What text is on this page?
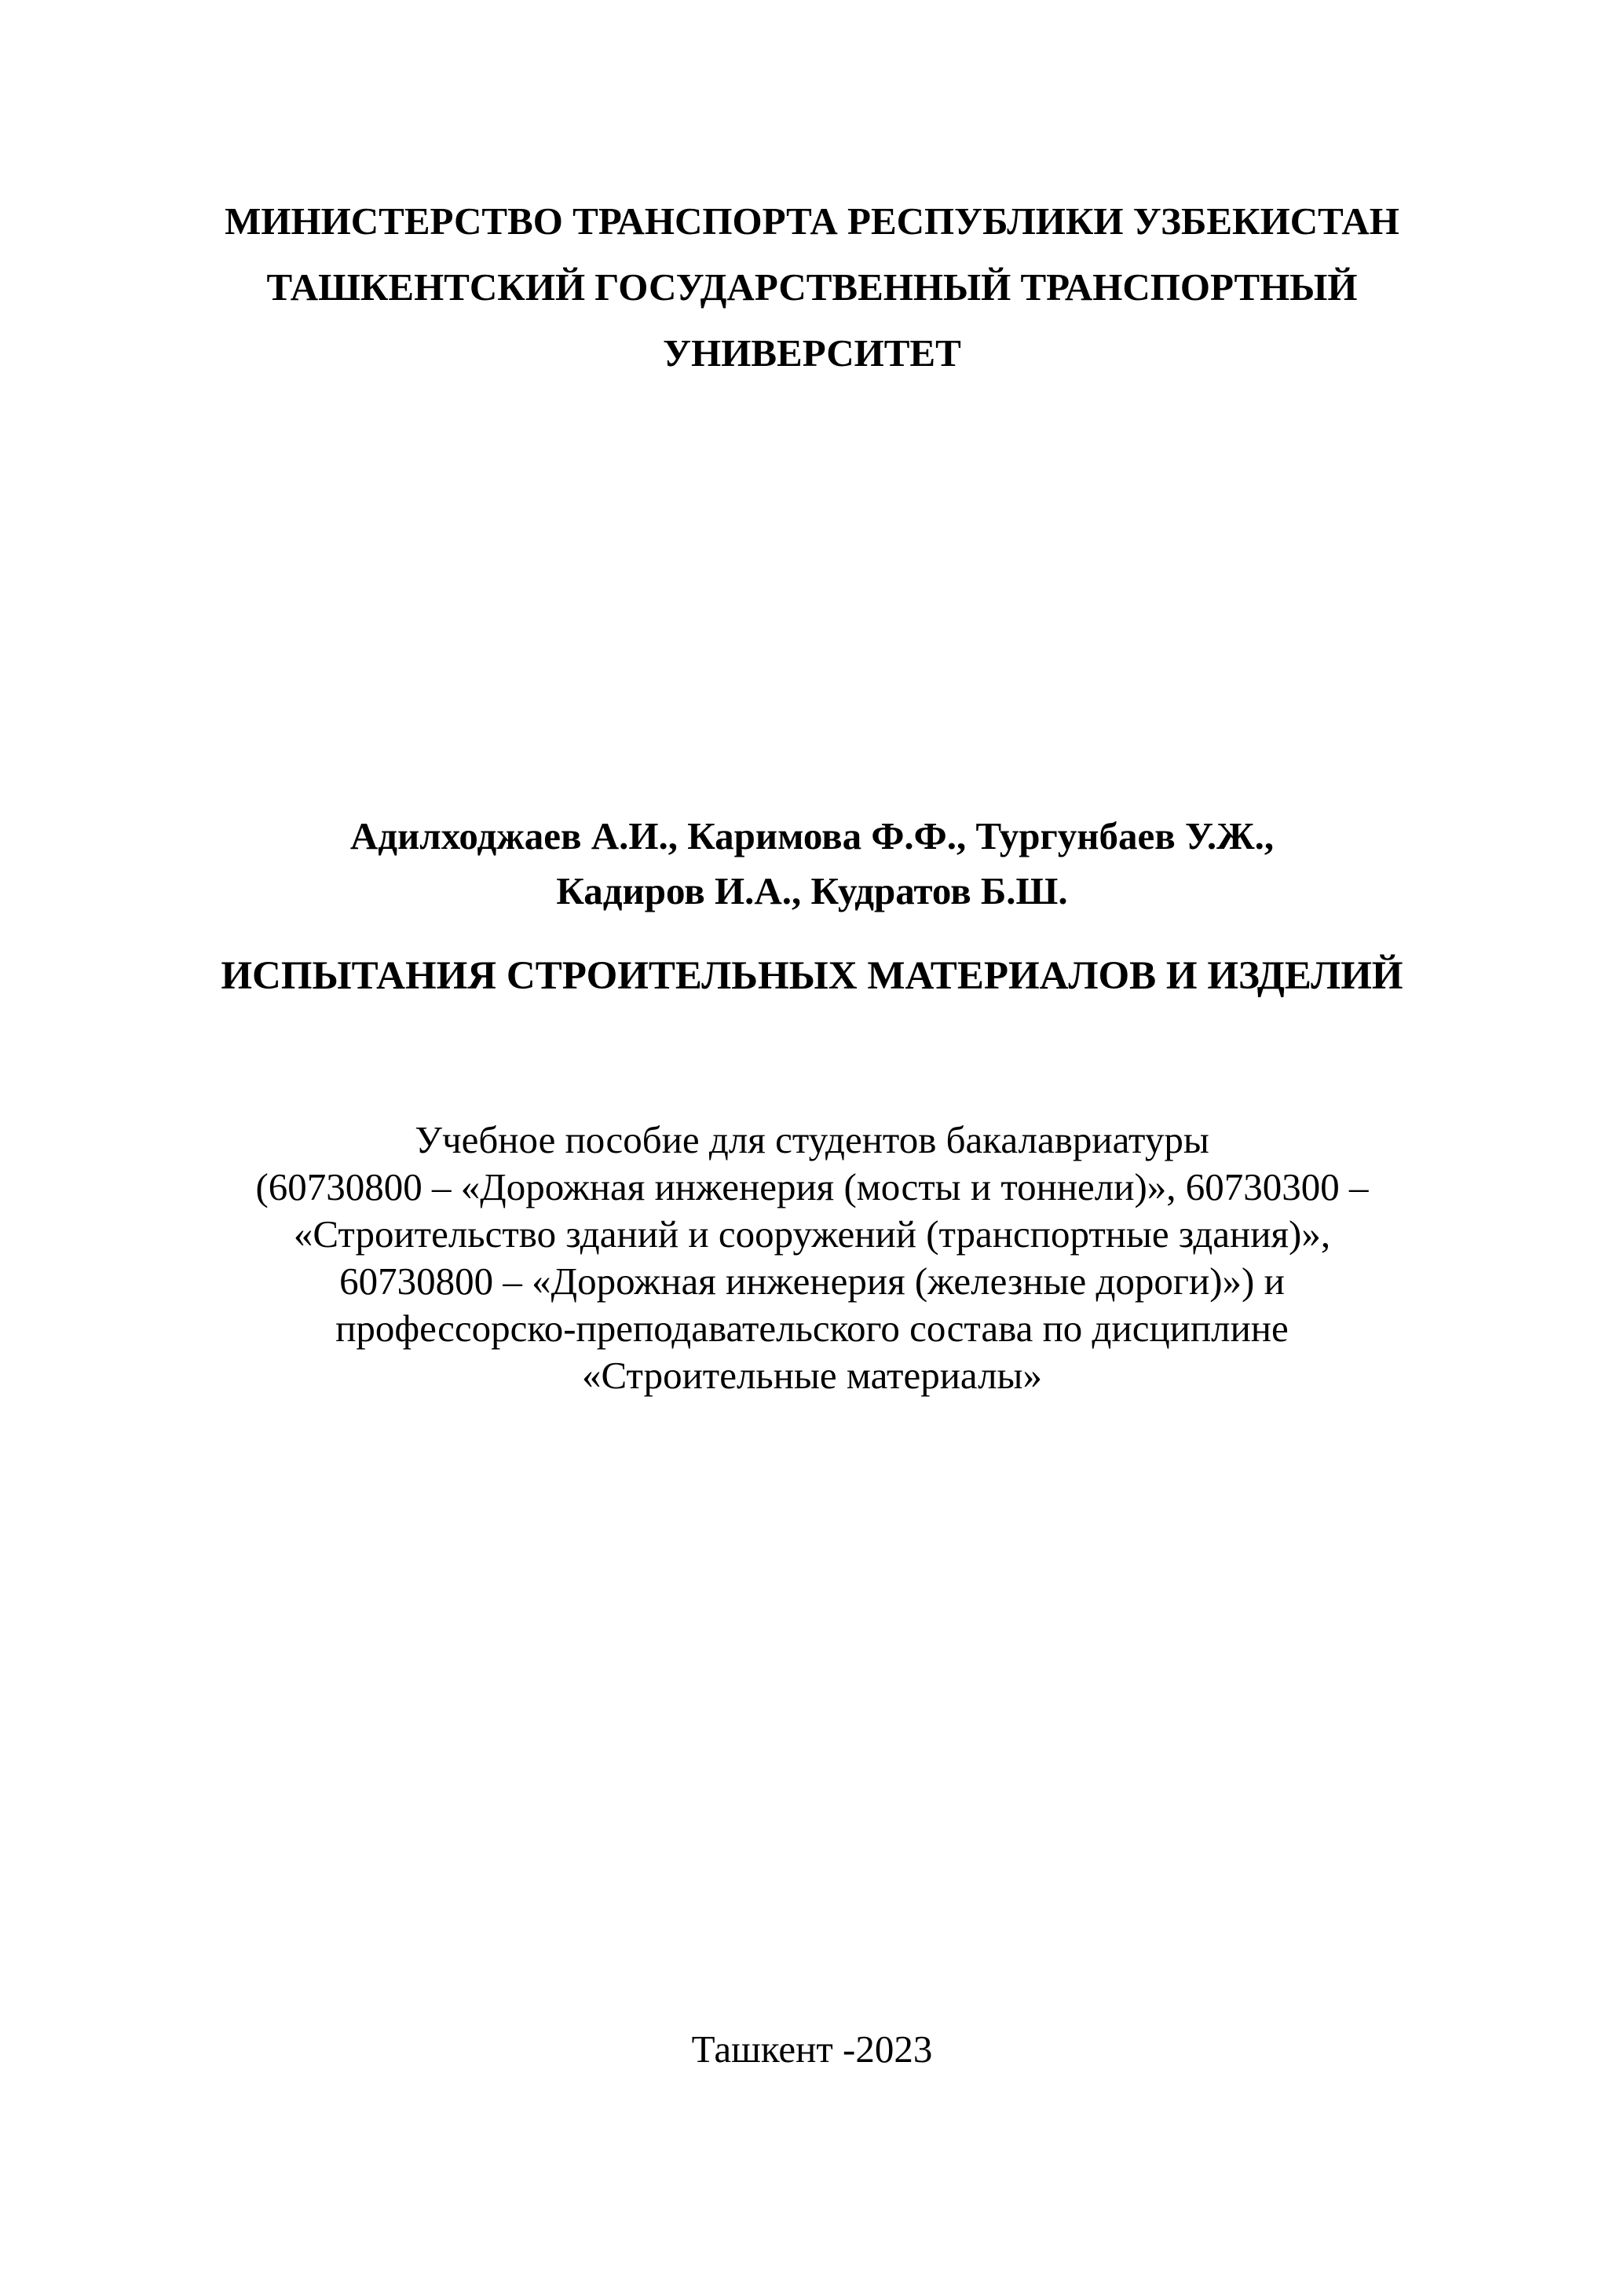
МИНИСТЕРСТВО ТРАНСПОРТА РЕСПУБЛИКИ УЗБЕКИСТАН
ТАШКЕНТСКИЙ ГОСУДАРСТВЕННЫЙ ТРАНСПОРТНЫЙ
УНИВЕРСИТЕТ
Адилходжаев А.И., Каримова Ф.Ф., Тургунбаев У.Ж.,
Кадиров И.А., Кудратов Б.Ш.
ИСПЫТАНИЯ СТРОИТЕЛЬНЫХ МАТЕРИАЛОВ И ИЗДЕЛИЙ
Учебное пособие для студентов бакалавриатуры
(60730800 – «Дорожная инженерия (мосты и тоннели)», 60730300 –
«Строительство зданий и сооружений (транспортные здания)»,
60730800 – «Дорожная инженерия (железные дороги)») и
профессорско-преподавательского состава по дисциплине
«Строительные материалы»
Ташкент -2023
